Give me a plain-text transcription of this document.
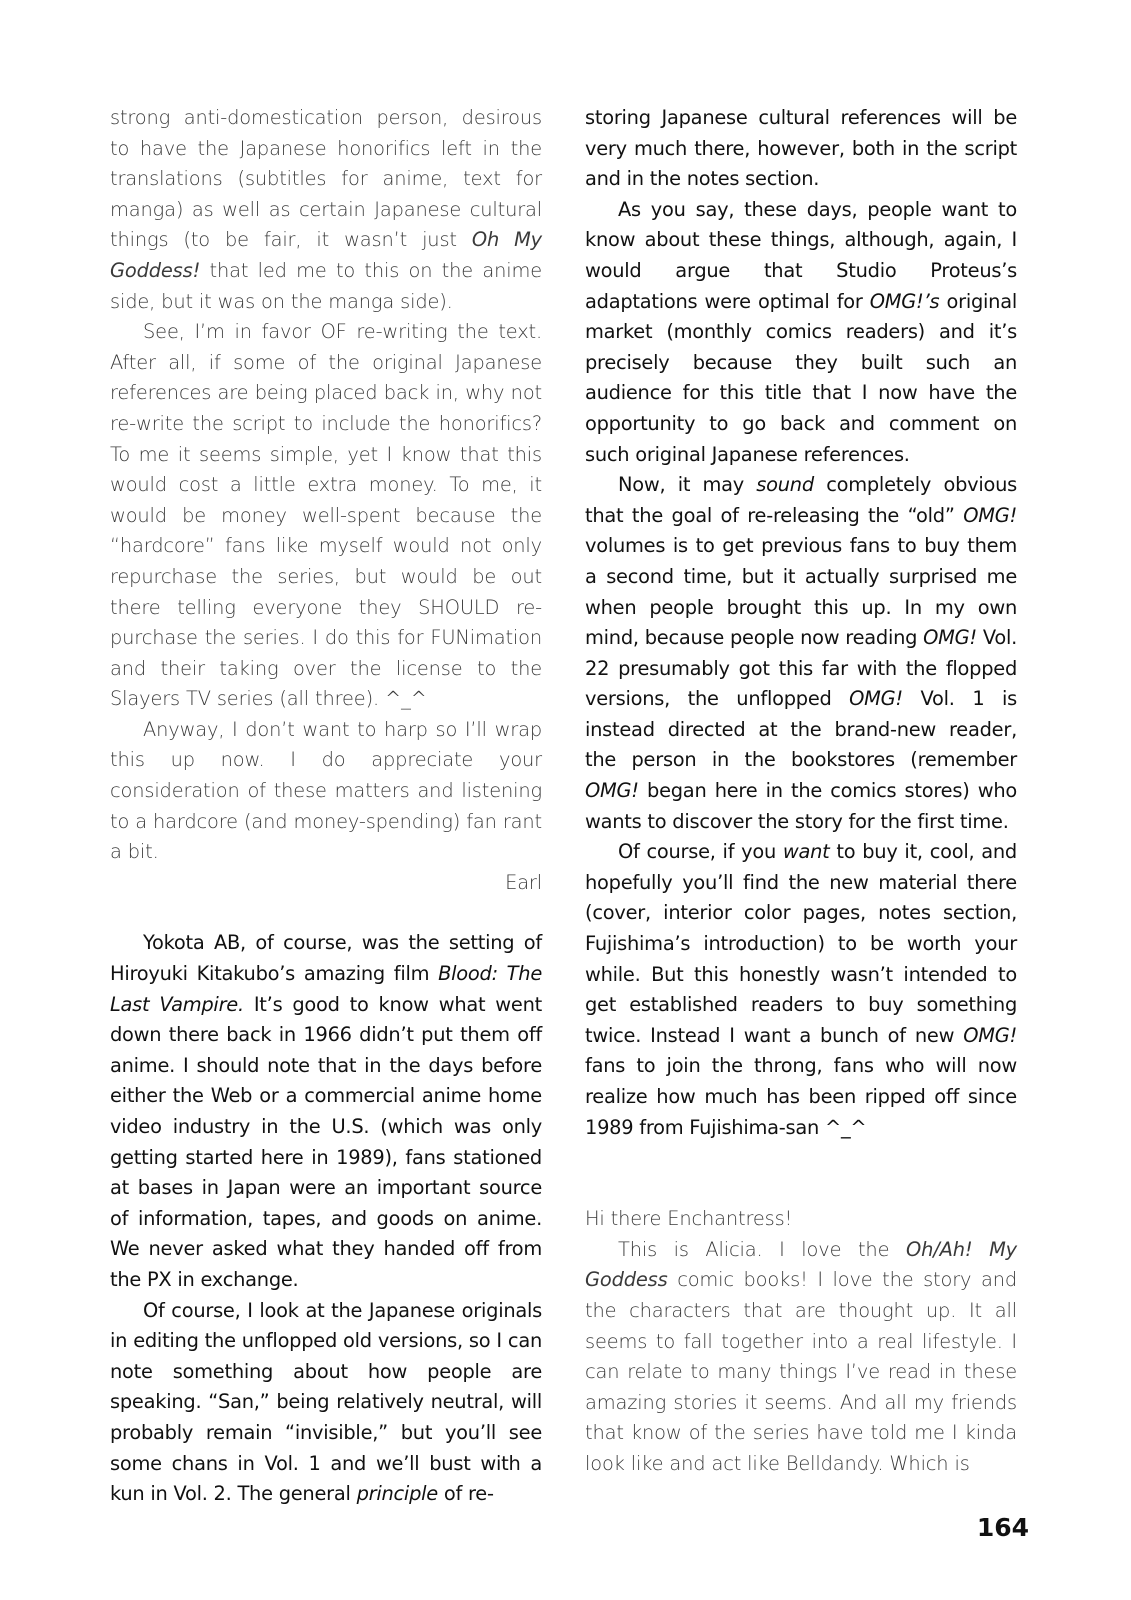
strong anti-domestication person, desirous to have the Japanese honorifics left in the translations (subtitles for anime, text for manga) as well as certain Japanese cultural things (to be fair, it wasn’t just Oh My Goddess! that led me to this on the anime side, but it was on the manga side).

See, I’m in favor OF re-writing the text. After all, if some of the original Japanese references are being placed back in, why not re-write the script to include the honorifics? To me it seems simple, yet I know that this would cost a little extra money. To me, it would be money well-spent because the “hardcore” fans like myself would not only repurchase the series, but would be out there telling everyone they SHOULD re-purchase the series. I do this for FUNimation and their taking over the license to the Slayers TV series (all three). ^_^

Anyway, I don’t want to harp so I’ll wrap this up now. I do appreciate your consideration of these matters and listening to a hardcore (and money-spending) fan rant a bit.

Earl

Yokota AB, of course, was the setting of Hiroyuki Kitakubo’s amazing film Blood: The Last Vampire. It’s good to know what went down there back in 1966 didn’t put them off anime. I should note that in the days before either the Web or a commercial anime home video industry in the U.S. (which was only getting started here in 1989), fans stationed at bases in Japan were an important source of information, tapes, and goods on anime. We never asked what they handed off from the PX in exchange.

Of course, I look at the Japanese originals in editing the unflopped old versions, so I can note something about how people are speaking. “San,” being relatively neutral, will probably remain “invisible,” but you’ll see some chans in Vol. 1 and we’ll bust with a kun in Vol. 2. The general principle of re-

storing Japanese cultural references will be very much there, however, both in the script and in the notes section.

As you say, these days, people want to know about these things, although, again, I would argue that Studio Proteus’s adaptations were optimal for OMG!’s original market (monthly comics readers) and it’s precisely because they built such an audience for this title that I now have the opportunity to go back and comment on such original Japanese references.

Now, it may sound completely obvious that the goal of re-releasing the “old” OMG! volumes is to get previous fans to buy them a second time, but it actually surprised me when people brought this up. In my own mind, because people now reading OMG! Vol. 22 presumably got this far with the flopped versions, the unflopped OMG! Vol. 1 is instead directed at the brand-new reader, the person in the bookstores (remember OMG! began here in the comics stores) who wants to discover the story for the first time.

Of course, if you want to buy it, cool, and hopefully you’ll find the new material there (cover, interior color pages, notes section, Fujishima’s introduction) to be worth your while. But this honestly wasn’t intended to get established readers to buy something twice. Instead I want a bunch of new OMG! fans to join the throng, fans who will now realize how much has been ripped off since 1989 from Fujishima-san ^_^

Hi there Enchantress!

This is Alicia. I love the Oh/Ah! My Goddess comic books! I love the story and the characters that are thought up. It all seems to fall together into a real lifestyle. I can relate to many things I’ve read in these amazing stories it seems. And all my friends that know of the series have told me I kinda look like and act like Belldandy. Which is

164
